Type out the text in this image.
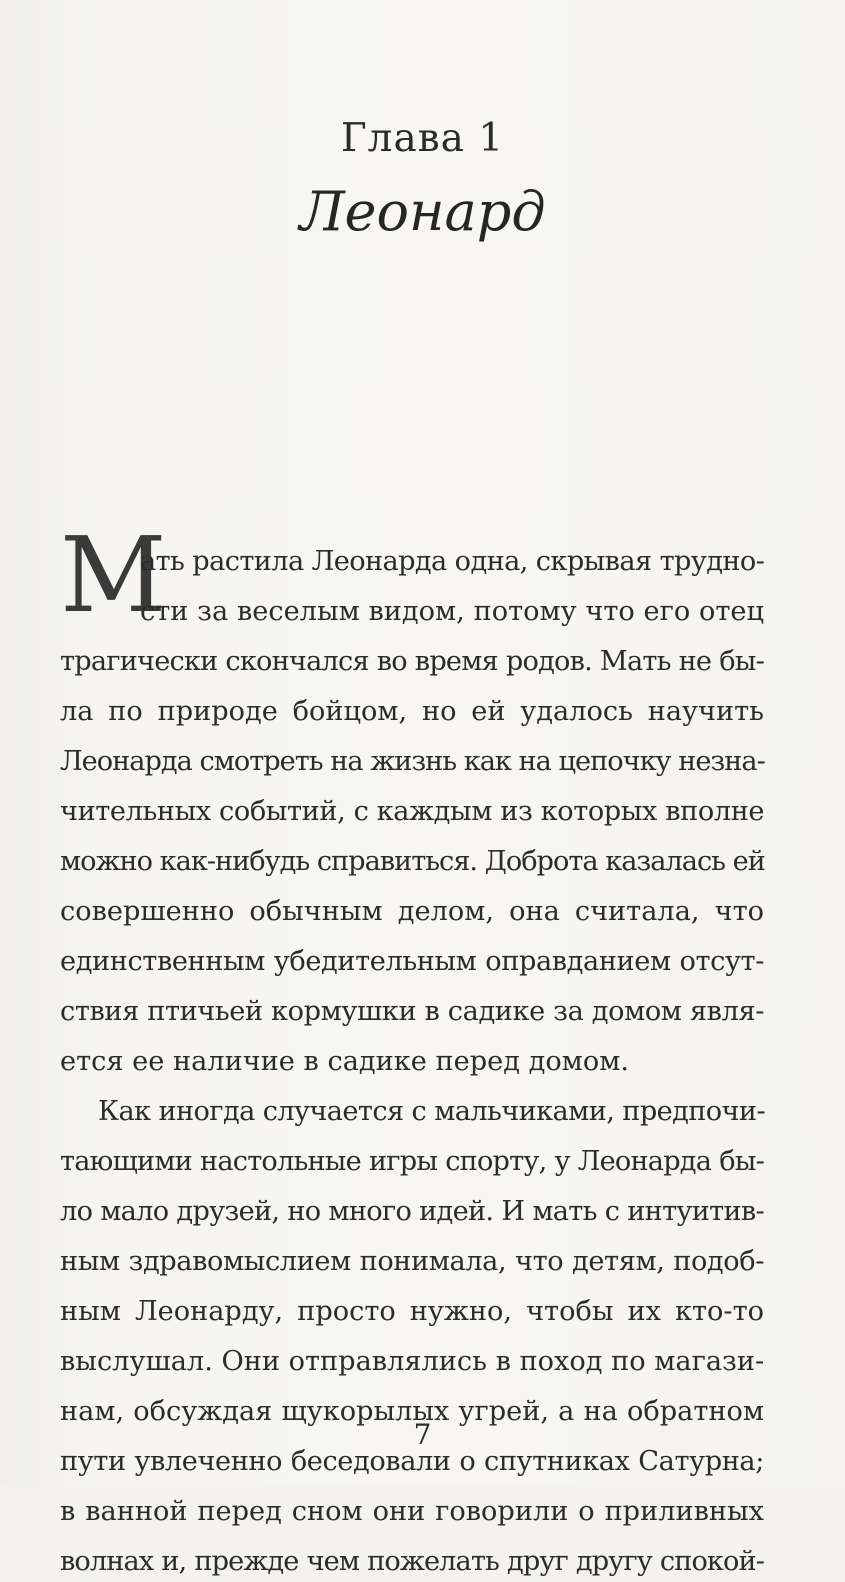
Глава 1
Леонард
М
ать растила Леонарда одна, скрывая трудно-
сти за веселым видом, потому что его отец
трагически скончался во время родов. Мать не бы-
ла по природе бойцом, но ей удалось научить
Леонарда смотреть на жизнь как на цепочку незна-
чительных событий, с каждым из которых вполне
можно как-нибудь справиться. Доброта казалась ей
совершенно обычным делом, она считала, что
единственным убедительным оправданием отсут-
ствия птичьей кормушки в садике за домом явля-
ется ее наличие в садике перед домом.
Как иногда случается с мальчиками, предпочи-
тающими настольные игры спорту, у Леонарда бы-
ло мало друзей, но много идей. И мать с интуитив-
ным здравомыслием понимала, что детям, подоб-
ным Леонарду, просто нужно, чтобы их кто-то
выслушал. Они отправлялись в поход по магази-
нам, обсуждая щукорылых угрей, а на обратном
пути увлеченно беседовали о спутниках Сатурна;
в ванной перед сном они говорили о приливных
волнах и, прежде чем пожелать друг другу спокой-
7
